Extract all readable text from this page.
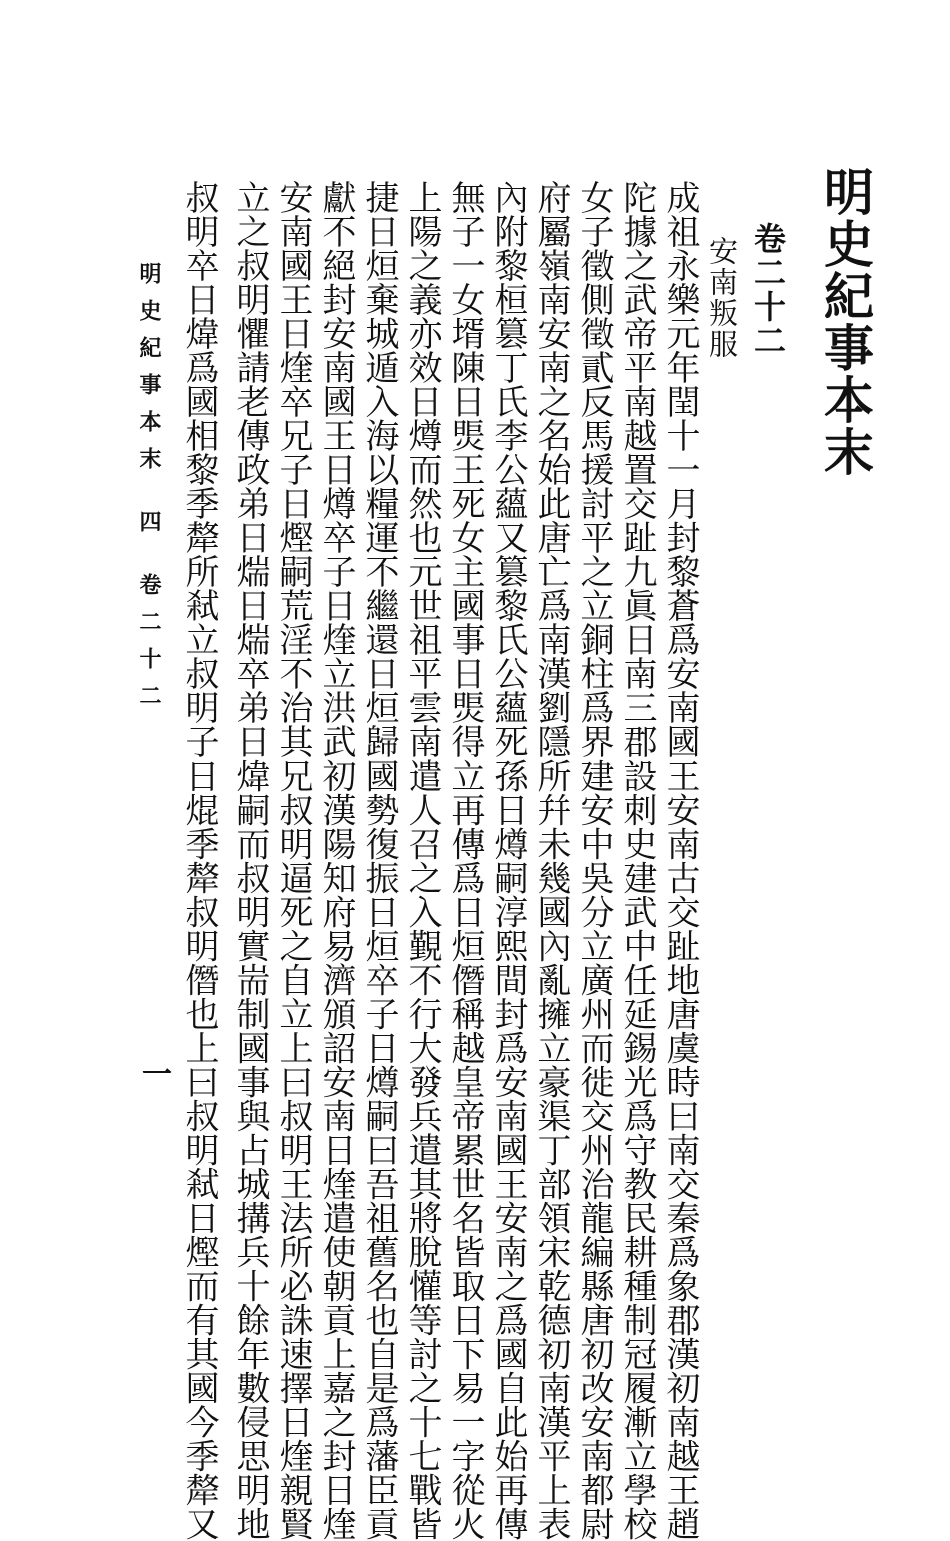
明史紀事本末
卷二十二
安南叛服
成祖永樂元年閏十一月封黎蒼爲安南國王安南古交趾地唐虞時曰南交秦爲象郡漢初南越王趙
陀據之武帝平南越置交趾九眞日南三郡設刺史建武中任延錫光爲守教民耕種制冠履漸立學校
女子徵側徵貳反馬援討平之立銅柱爲界建安中吳分立廣州而徙交州治龍編縣唐初改安南都尉
府屬嶺南安南之名始此唐亡爲南漢劉隱所幷未幾國內亂擁立豪渠丁部領宋乾德初南漢平上表
內附黎桓篡丁氏李公蘊又篡黎氏公蘊死孫日燇嗣淳熙間封爲安南國王安南之爲國自此始再傳
無子一女壻陳日煚王死女主國事日煚得立再傳爲日烜僭稱越皇帝累世名皆取日下易一字從火
上陽之義亦效日燇而然也元世祖平雲南遣人召之入覲不行大發兵遣其將脫懽等討之十七戰皆
捷日烜棄城遁入海以糧運不繼還日烜歸國勢復振日烜卒子日燇嗣曰吾祖舊名也自是爲藩臣貢
獻不絕封安南國王日燇卒子日煃立洪武初漢陽知府易濟頒詔安南日煃遣使朝貢上嘉之封日煃
安南國王日煃卒兄子日熞嗣荒淫不治其兄叔明逼死之自立上曰叔明王法所必誅速擇日煃親賢
立之叔明懼請老傳政弟日煓日煓卒弟日煒嗣而叔明實耑制國事與占城搆兵十餘年數侵思明地
叔明卒日煒爲國相黎季犛所弒立叔明子日焜季犛叔明僭也上曰叔明弒日熞而有其國今季犛又
明史紀事本末四卷二十二
一
